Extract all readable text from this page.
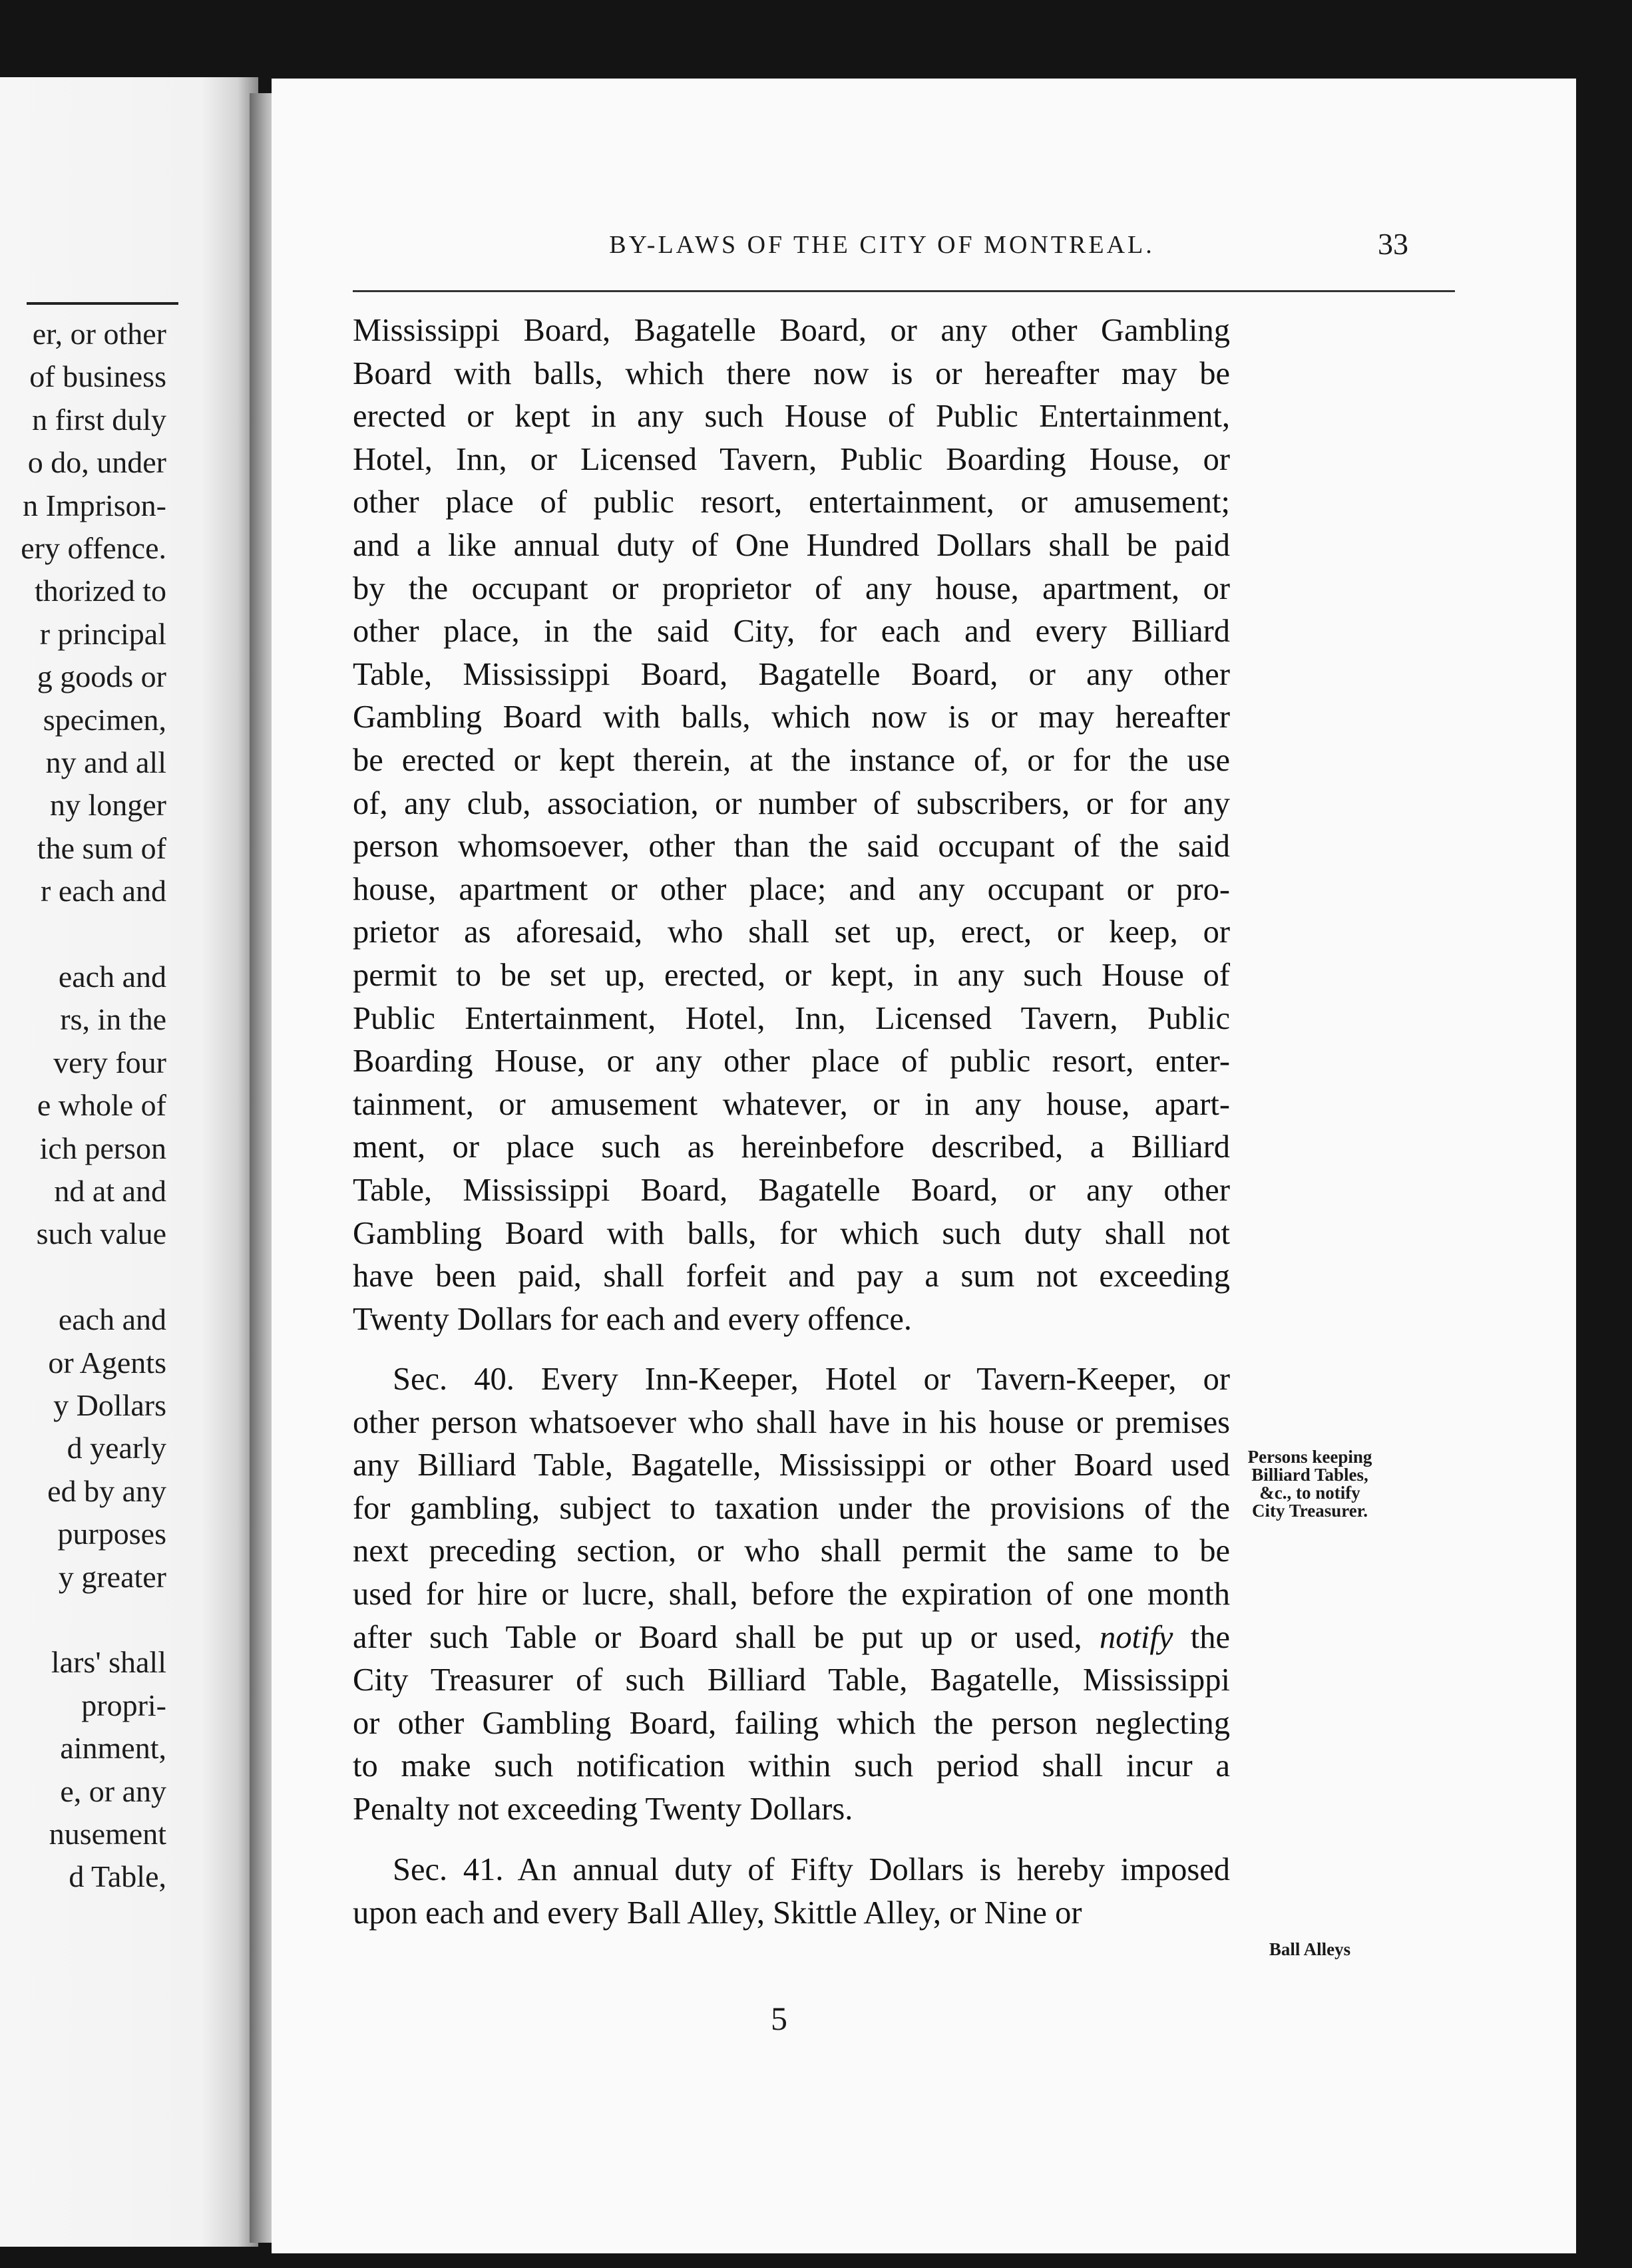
er, or other
of business
n first duly
o do, under
n Imprison-
ery offence.
thorized to
r principal
g goods or
specimen,
ny and all
ny longer
the sum of
r each and
each and
rs, in the
very four
e whole of
ich person
nd at and
such value
each and
or Agents
y Dollars
d yearly
ed by any
purposes
y greater
lars' shall
propri-
ainment,
e, or any
nusement
d Table,
BY-LAWS OF THE CITY OF MONTREAL.	33
Mississippi Board, Bagatelle Board, or any other Gambling
Board with balls, which there now is or hereafter may be
erected or kept in any such House of Public Entertainment,
Hotel, Inn, or Licensed Tavern, Public Boarding House, or
other place of public resort, entertainment, or amusement;
and a like annual duty of One Hundred Dollars shall be paid
by the occupant or proprietor of any house, apartment, or
other place, in the said City, for each and every Billiard
Table, Mississippi Board, Bagatelle Board, or any other
Gambling Board with balls, which now is or may hereafter
be erected or kept therein, at the instance of, or for the use
of, any club, association, or number of subscribers, or for any
person whomsoever, other than the said occupant of the said
house, apartment or other place; and any occupant or pro-
prietor as aforesaid, who shall set up, erect, or keep, or
permit to be set up, erected, or kept, in any such House of
Public Entertainment, Hotel, Inn, Licensed Tavern, Public
Boarding House, or any other place of public resort, enter-
tainment, or amusement whatever, or in any house, apart-
ment, or place such as hereinbefore described, a Billiard
Table, Mississippi Board, Bagatelle Board, or any other
Gambling Board with balls, for which such duty shall not
have been paid, shall forfeit and pay a sum not exceeding
Twenty Dollars for each and every offence.
Sec. 40. Every Inn-Keeper, Hotel or Tavern-Keeper, or
other person whatsoever who shall have in his house or premises
any Billiard Table, Bagatelle, Mississippi or other Board used
for gambling, subject to taxation under the provisions of the
next preceding section, or who shall permit the same to be
used for hire or lucre, shall, before the expiration of one month
after such Table or Board shall be put up or used, notify the
City Treasurer of such Billiard Table, Bagatelle, Mississippi
or other Gambling Board, failing which the person neglecting
to make such notification within such period shall incur a
Penalty not exceeding Twenty Dollars.
Sec. 41. An annual duty of Fifty Dollars is hereby imposed
upon each and every Ball Alley, Skittle Alley, or Nine or
Persons keeping Billiard Tables, &c., to notify City Treasurer.
Ball Alleys
5
